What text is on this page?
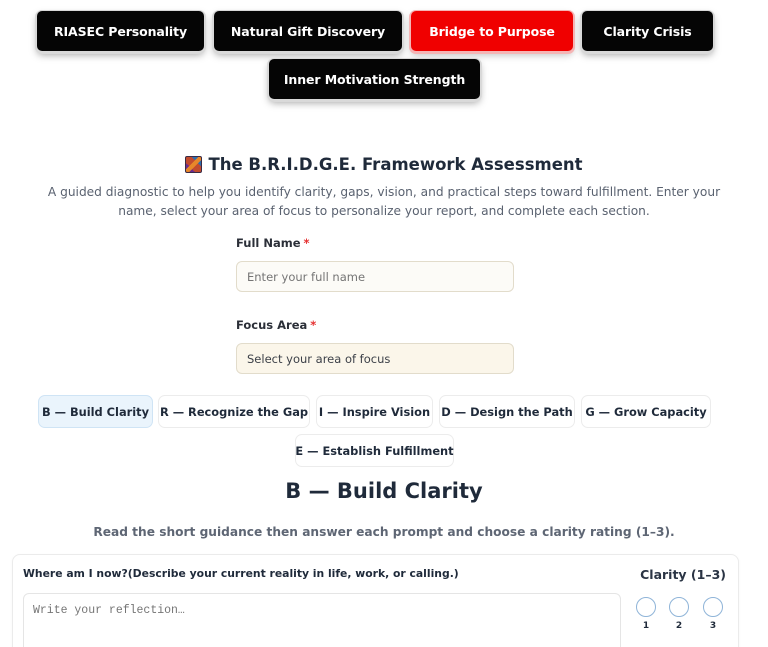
RIASEC Personality	Natural Gift Discovery	Bridge to Purpose	Clarity Crisis
Inner Motivation Strength
The B.R.I.D.G.E. Framework Assessment

A guided diagnostic to help you identify clarity, gaps, vision, and practical steps toward fulfillment. Enter your name, select your area of focus to personalize your report, and complete each section.

Full Name *
Enter your full name
Focus Area *
Select your area of focus
B — Build Clarity R — Recognize the Gap I — Inspire Vision D — Design the Path	G — Grow Capacity
E — Establish Fulfillment
B — Build Clarity

Read the short guidance then answer each prompt and choose a clarity rating (1–3).

Where am I now?(Describe your current reality in life, work, or calling.)	Clarity (1–3)
Write your reflection…
1	2	3
